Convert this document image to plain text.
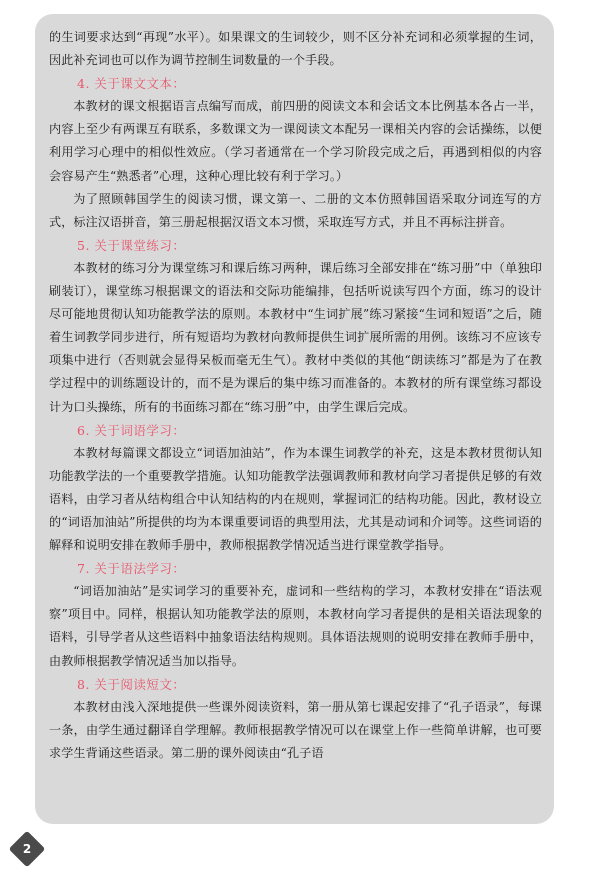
的生词要求达到“再现”水平）。如果课文的生词较少，则不区分补充词和必须掌握的生词，因此补充词也可以作为调节控制生词数量的一个手段。

4. 关于课文文本：

本教材的课文根据语言点编写而成，前四册的阅读文本和会话文本比例基本各占一半，内容上至少有两课互有联系，多数课文为一课阅读文本配另一课相关内容的会话操练，以便利用学习心理中的相似性效应。（学习者通常在一个学习阶段完成之后，再遇到相似的内容会容易产生“熟悉者”心理，这种心理比较有利于学习。）

为了照顾韩国学生的阅读习惯，课文第一、二册的文本仿照韩国语采取分词连写的方式，标注汉语拼音，第三册起根据汉语文本习惯，采取连写方式，并且不再标注拼音。

5. 关于课堂练习：

本教材的练习分为课堂练习和课后练习两种，课后练习全部安排在“练习册”中（单独印刷装订），课堂练习根据课文的语法和交际功能编排，包括听说读写四个方面，练习的设计尽可能地贯彻认知功能教学法的原则。本教材中“生词扩展”练习紧接“生词和短语”之后，随着生词教学同步进行，所有短语均为教材向教师提供生词扩展所需的用例。该练习不应该专项集中进行（否则就会显得呆板而毫无生气）。教材中类似的其他“朗读练习”都是为了在教学过程中的训练题设计的，而不是为课后的集中练习而准备的。本教材的所有课堂练习都设计为口头操练，所有的书面练习都在“练习册”中，由学生课后完成。

6. 关于词语学习：

本教材每篇课文都设立“词语加油站”，作为本课生词教学的补充，这是本教材贯彻认知功能教学法的一个重要教学措施。认知功能教学法强调教师和教材向学习者提供足够的有效语料，由学习者从结构组合中认知结构的内在规则，掌握词汇的结构功能。因此，教材设立的“词语加油站”所提供的均为本课重要词语的典型用法，尤其是动词和介词等。这些词语的解释和说明安排在教师手册中，教师根据教学情况适当进行课堂教学指导。

7. 关于语法学习：

“词语加油站”是实词学习的重要补充，虚词和一些结构的学习，本教材安排在“语法观察”项目中。同样，根据认知功能教学法的原则，本教材向学习者提供的是相关语法现象的语料，引导学者从这些语料中抽象语法结构规则。具体语法规则的说明安排在教师手册中，由教师根据教学情况适当加以指导。

8. 关于阅读短文：

本教材由浅入深地提供一些课外阅读资料，第一册从第七课起安排了“孔子语录”，每课一条，由学生通过翻译自学理解。教师根据教学情况可以在课堂上作一些简单讲解，也可要求学生背诵这些语录。第二册的课外阅读由“孔子语

2
